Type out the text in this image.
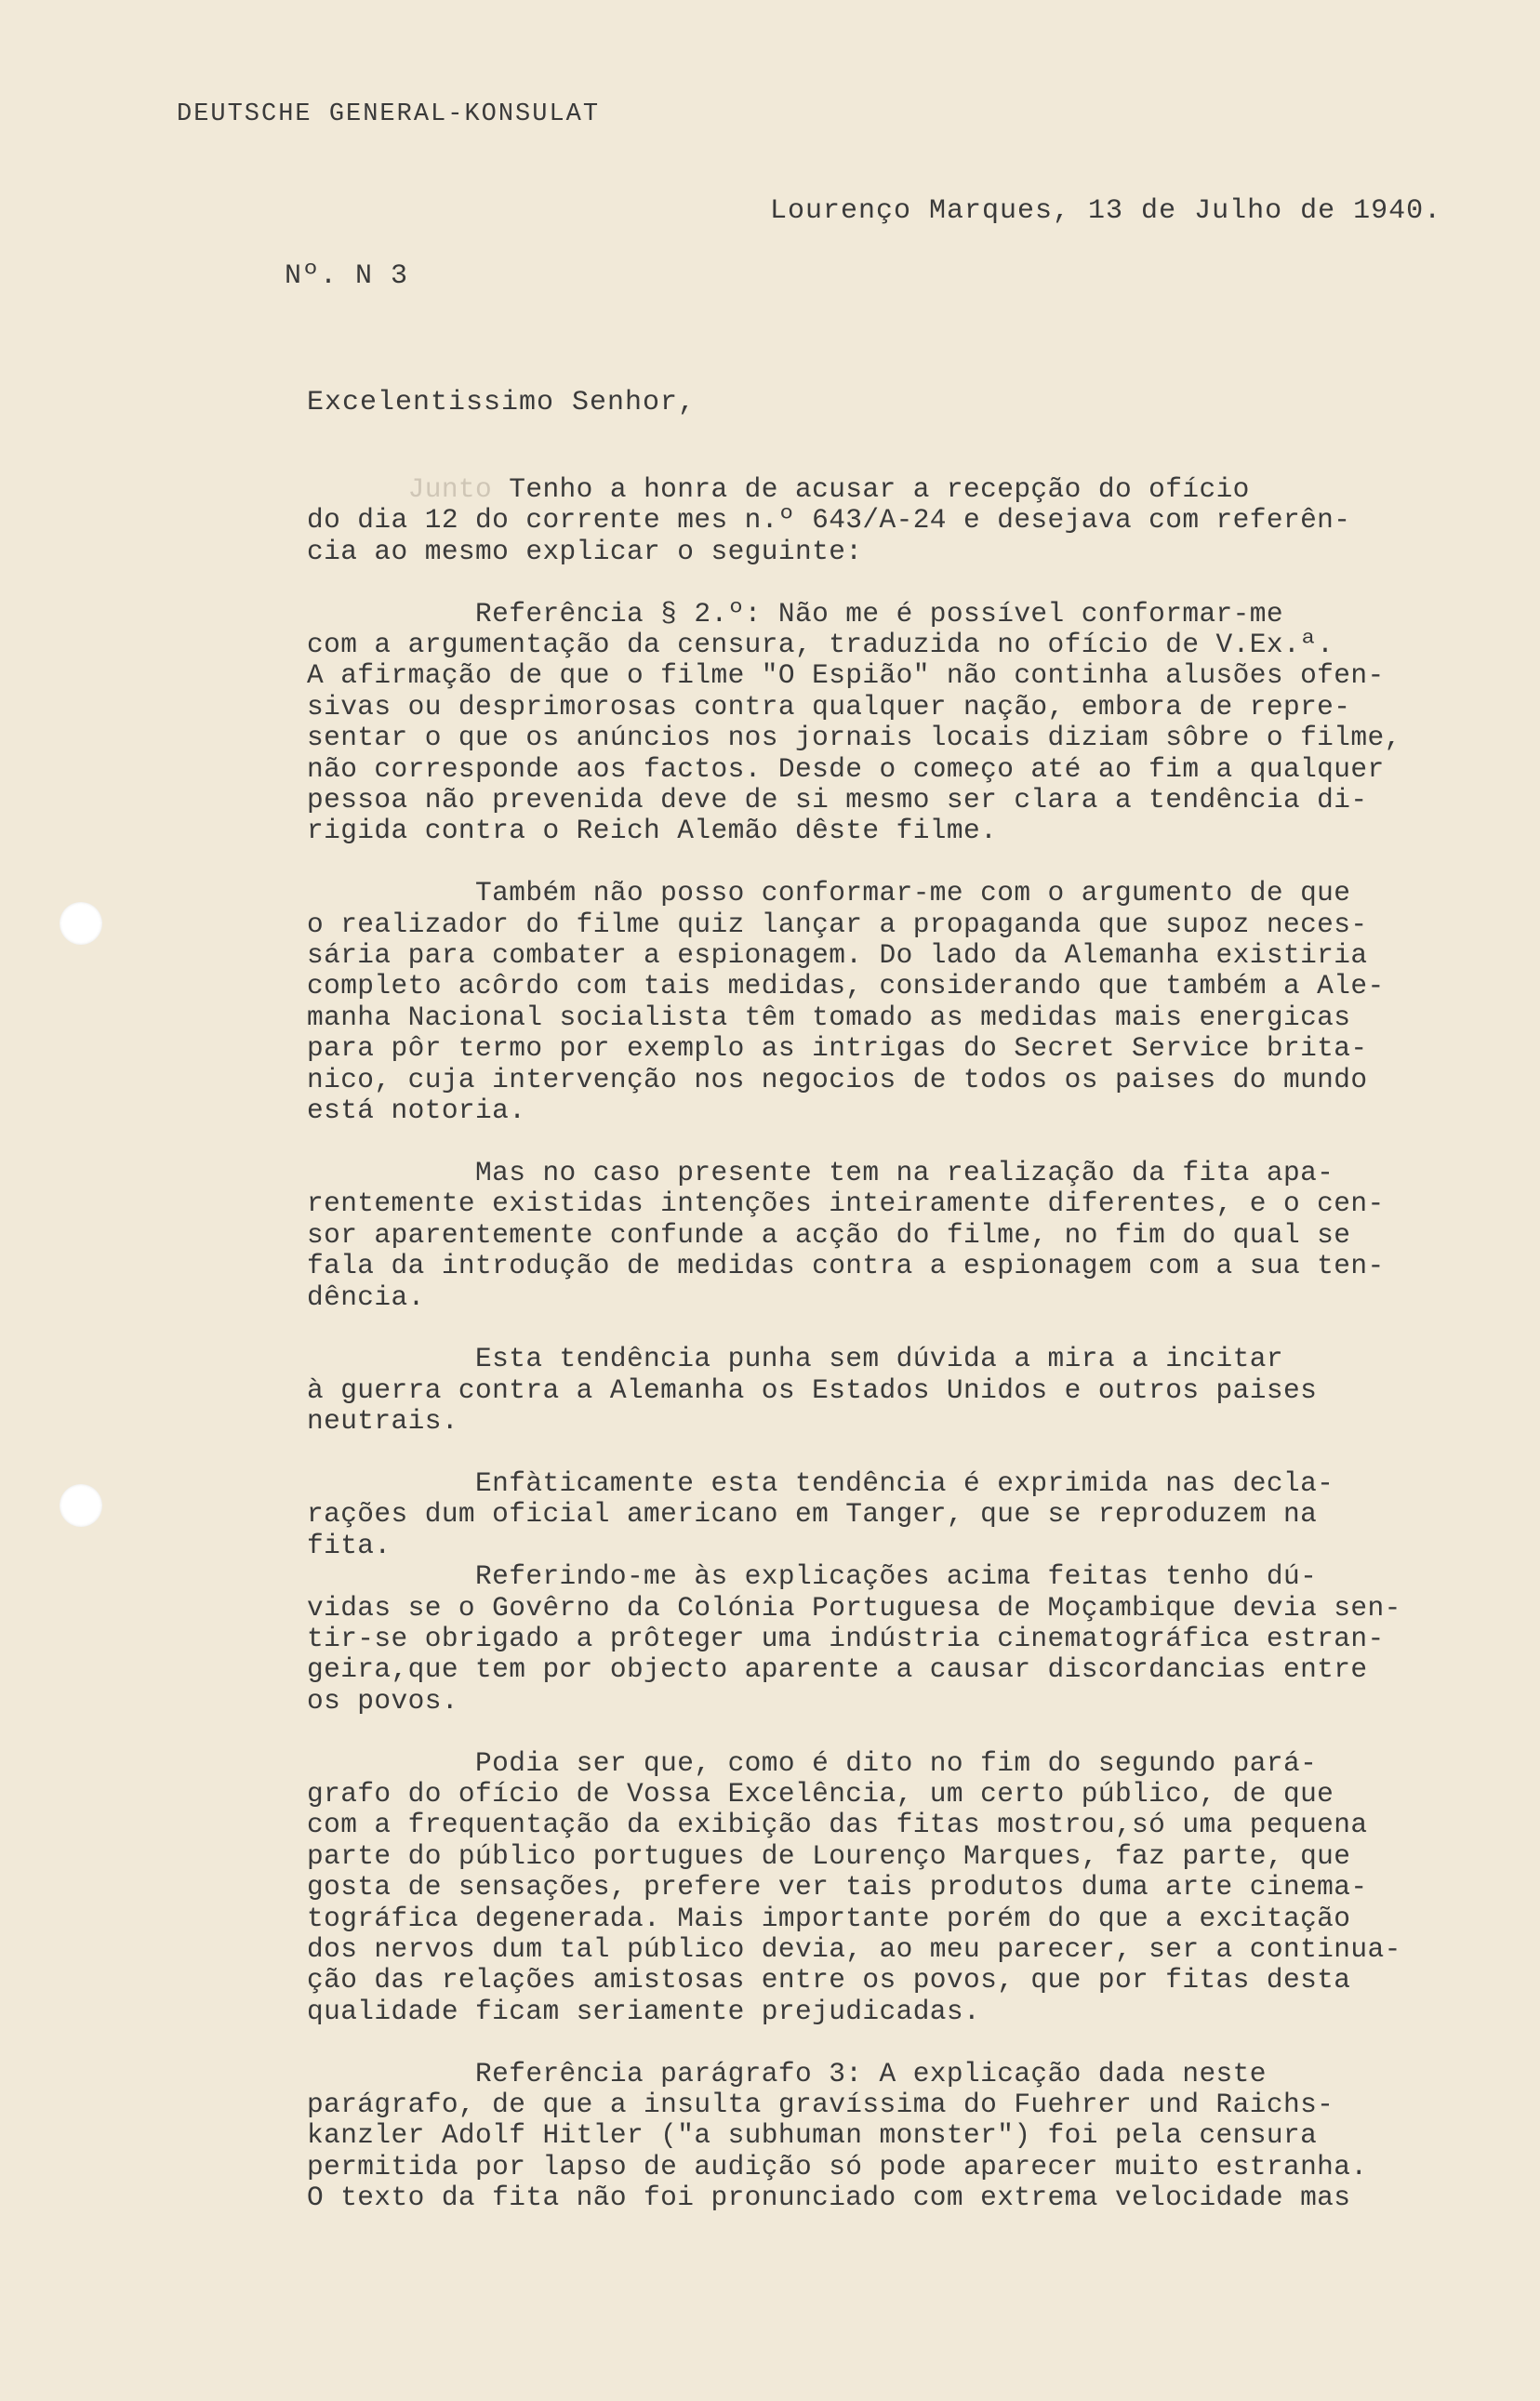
DEUTSCHE GENERAL-KONSULAT
Lourenço Marques, 13 de Julho de 1940.
Nº. N 3
Excelentissimo Senhor,
Junto Tenho a honra de acusar a recepção do ofício
do dia 12 do corrente mes n.º 643/A-24 e desejava com referên-
cia ao mesmo explicar o seguinte:
Referência § 2.º: Não me é possível conformar-me
com a argumentação da censura, traduzida no ofício de V.Ex.ª.
A afirmação de que o filme "O Espião" não continha alusões ofen-
sivas ou desprimorosas contra qualquer nação, embora de repre-
sentar o que os anúncios nos jornais locais diziam sôbre o filme,
não corresponde aos factos. Desde o começo até ao fim a qualquer
pessoa não prevenida deve de si mesmo ser clara a tendência di-
rigida contra o Reich Alemão dêste filme.
Também não posso conformar-me com o argumento de que
o realizador do filme quiz lançar a propaganda que supoz neces-
sária para combater a espionagem. Do lado da Alemanha existiria
completo acôrdo com tais medidas, considerando que também a Ale-
manha Nacional socialista têm tomado as medidas mais energicas
para pôr termo por exemplo as intrigas do Secret Service brita-
nico, cuja intervenção nos negocios de todos os paises do mundo
está notoria.
Mas no caso presente tem na realização da fita apa-
rentemente existidas intenções inteiramente diferentes, e o cen-
sor aparentemente confunde a acção do filme, no fim do qual se
fala da introdução de medidas contra a espionagem com a sua ten-
dência.
Esta tendência punha sem dúvida a mira a incitar
à guerra contra a Alemanha os Estados Unidos e outros paises
neutrais.
Enfàticamente esta tendência é exprimida nas decla-
rações dum oficial americano em Tanger, que se reproduzem na
fita.
Referindo-me às explicações acima feitas tenho dú-
vidas se o Govêrno da Colónia Portuguesa de Moçambique devia sen-
tir-se obrigado a prôteger uma indústria cinematográfica estran-
geira,que tem por objecto aparente a causar discordancias entre
os povos.
Podia ser que, como é dito no fim do segundo pará-
grafo do ofício de Vossa Excelência, um certo público, de que
com a frequentação da exibição das fitas mostrou,só uma pequena
parte do público portugues de Lourenço Marques, faz parte, que
gosta de sensações, prefere ver tais produtos duma arte cinema-
tográfica degenerada. Mais importante porém do que a excitação
dos nervos dum tal público devia, ao meu parecer, ser a continua-
ção das relações amistosas entre os povos, que por fitas desta
qualidade ficam seriamente prejudicadas.
Referência parágrafo 3: A explicação dada neste
parágrafo, de que a insulta gravíssima do Fuehrer und Raichs-
kanzler Adolf Hitler ("a subhuman monster") foi pela censura
permitida por lapso de audição só pode aparecer muito estranha.
O texto da fita não foi pronunciado com extrema velocidade mas
